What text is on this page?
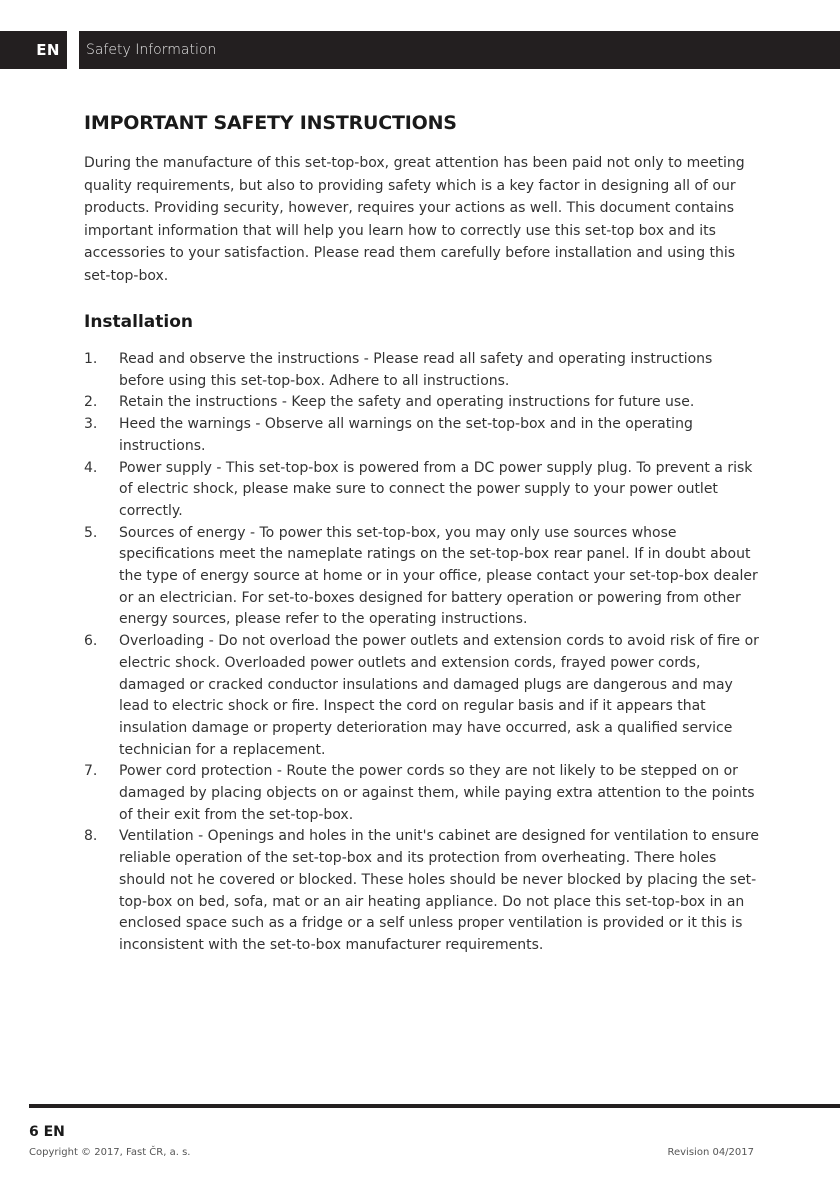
EN	Safety Information
IMPORTANT SAFETY INSTRUCTIONS

During the manufacture of this set-top-box, great attention has been paid not only to meeting quality requirements, but also to providing safety which is a key factor in designing all of our products. Providing security, however, requires your actions as well. This document contains important information that will help you learn how to correctly use this set-top box and its accessories to your satisfaction. Please read them carefully before installation and using this set-top-box.

Installation
1. Read and observe the instructions - Please read all safety and operating instructions before using this set-top-box. Adhere to all instructions.
2. Retain the instructions - Keep the safety and operating instructions for future use.
3. Heed the warnings - Observe all warnings on the set-top-box and in the operating instructions.
4. Power supply - This set-top-box is powered from a DC power supply plug. To prevent a risk of electric shock, please make sure to connect the power supply to your power outlet correctly.
5. Sources of energy - To power this set-top-box, you may only use sources whose specifications meet the nameplate ratings on the set-top-box rear panel. If in doubt about the type of energy source at home or in your office, please contact your set-top-box dealer or an electrician. For set-to-boxes designed for battery operation or powering from other energy sources, please refer to the operating instructions.
6. Overloading - Do not overload the power outlets and extension cords to avoid risk of fire or electric shock. Overloaded power outlets and extension cords, frayed power cords, damaged or cracked conductor insulations and damaged plugs are dangerous and may lead to electric shock or fire. Inspect the cord on regular basis and if it appears that insulation damage or property deterioration may have occurred, ask a qualified service technician for a replacement.
7. Power cord protection - Route the power cords so they are not likely to be stepped on or damaged by placing objects on or against them, while paying extra attention to the points of their exit from the set-top-box.
8. Ventilation - Openings and holes in the unit's cabinet are designed for ventilation to ensure reliable operation of the set-top-box and its protection from overheating. There holes should not he covered or blocked. These holes should be never blocked by placing the set-top-box on bed, sofa, mat or an air heating appliance. Do not place this set-top-box in an enclosed space such as a fridge or a self unless proper ventilation is provided or it this is inconsistent with the set-to-box manufacturer requirements.
6 EN
Copyright © 2017, Fast ČR, a. s.	Revision 04/2017
